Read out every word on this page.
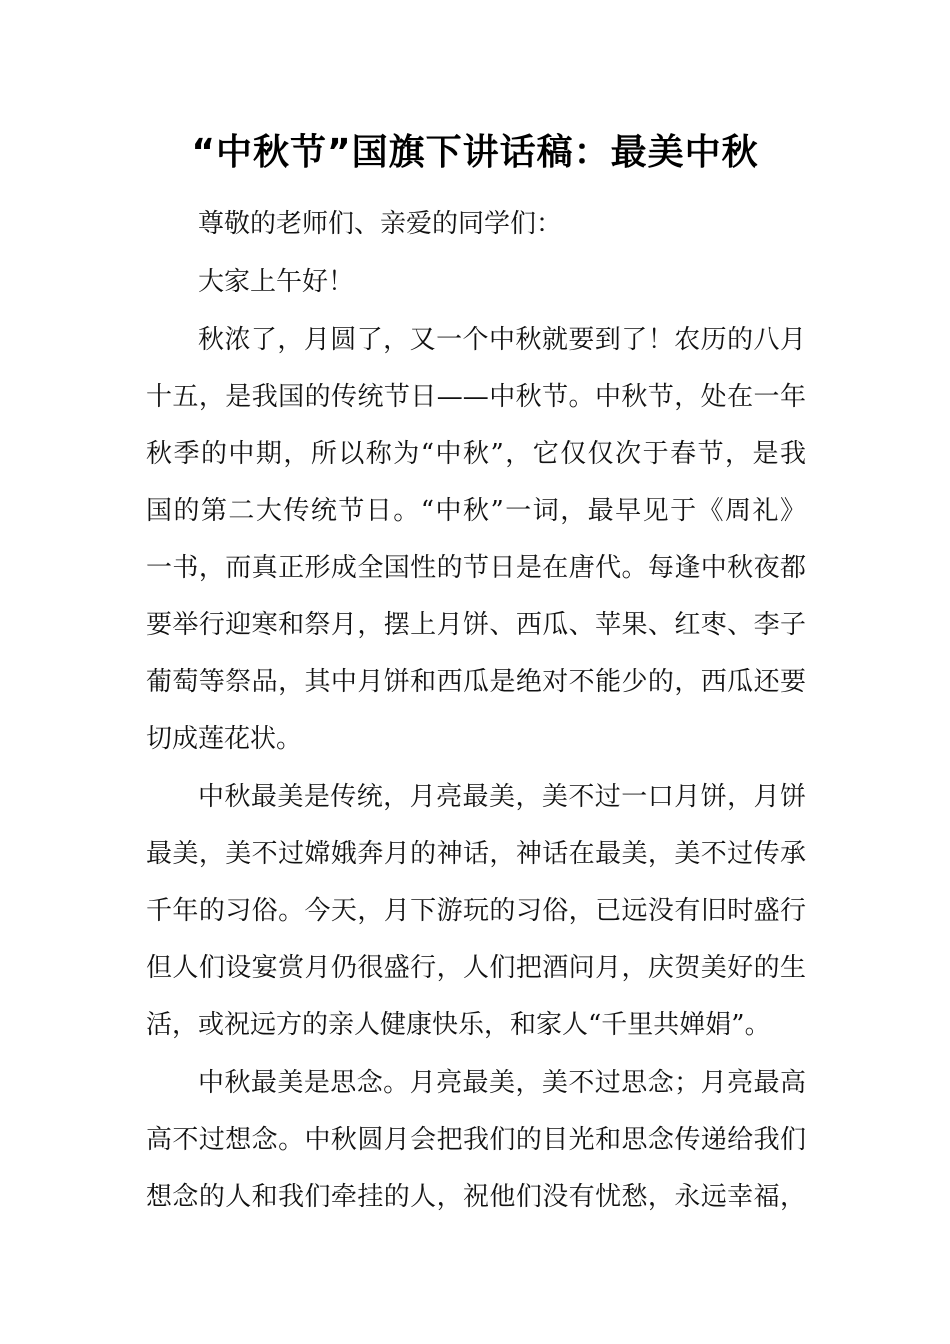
“中秋节”国旗下讲话稿：最美中秋
尊敬的老师们、亲爱的同学们：
大家上午好！
秋浓了，月圆了，又一个中秋就要到了！农历的八月
十五，是我国的传统节日——中秋节。中秋节，处在一年
秋季的中期，所以称为“中秋”，它仅仅次于春节，是我
国的第二大传统节日。“中秋”一词，最早见于《周礼》
一书，而真正形成全国性的节日是在唐代。每逢中秋夜都
要举行迎寒和祭月，摆上月饼、西瓜、苹果、红枣、李子
葡萄等祭品，其中月饼和西瓜是绝对不能少的，西瓜还要
切成莲花状。
中秋最美是传统，月亮最美，美不过一口月饼，月饼
最美，美不过嫦娥奔月的神话，神话在最美，美不过传承
千年的习俗。今天，月下游玩的习俗，已远没有旧时盛行
但人们设宴赏月仍很盛行，人们把酒问月，庆贺美好的生
活，或祝远方的亲人健康快乐，和家人“千里共婵娟”。
中秋最美是思念。月亮最美，美不过思念；月亮最高
高不过想念。中秋圆月会把我们的目光和思念传递给我们
想念的人和我们牵挂的人，祝他们没有忧愁，永远幸福，
